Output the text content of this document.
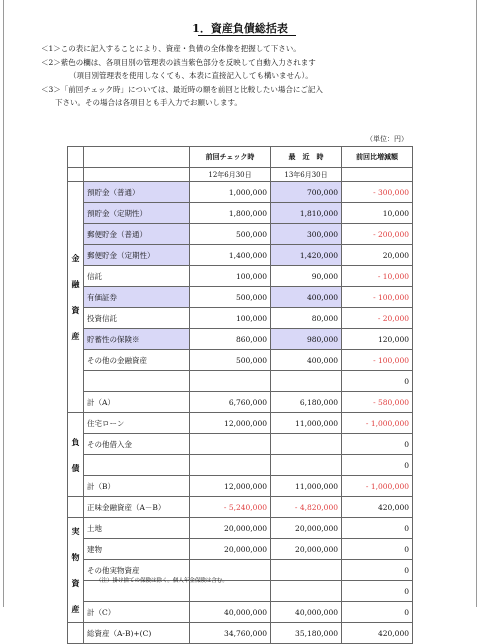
1．資産負債総括表
＜1＞この表に記入することにより、資産・負債の全体像を把握して下さい。
＜2＞紫色の欄は、各項目別の管理表の該当紫色部分を反映して自動入力されます
（項目別管理表を使用しなくても、本表に直接記入しても構いません）。
＜3＞「前回チェック時」については、最近時の額を前回と比較したい場合にご記入
下さい。その場合は各項目とも手入力でお願いします。
（単位：円）
		前回チェック時	最　近　時	前回比増減額
		12年6月30日	13年6月30日	

金
融
資
産	預貯金（普通）	1,000,000	700,000	- 300,000
	預貯金（定期性）	1,800,000	1,810,000	10,000
	郵便貯金（普通）	500,000	300,000	- 200,000
	郵便貯金（定期性）	1,400,000	1,420,000	20,000
	信託	100,000	90,000	- 10,000
	有価証券	500,000	400,000	- 100,000
	投資信託	100,000	80,000	- 20,000
	貯蓄性の保険※	860,000	980,000	120,000
	その他の金融資産	500,000	400,000	- 100,000
				0
	計（A）	6,760,000	6,180,000	- 580,000

負
債	住宅ローン	12,000,000	11,000,000	- 1,000,000
	その他借入金			0
				0
	計（B）	12,000,000	11,000,000	- 1,000,000
	正味金融資産（A－B）	- 5,240,000	- 4,820,000	420,000

実
物
資
産	土地	20,000,000	20,000,000	0
	建物	20,000,000	20,000,000	0
	その他実物資産			0
				0
	計（C）	40,000,000	40,000,000	0
	総資産（A-B)+(C)	34,760,000	35,180,000	420,000
（注）掛け捨ての保険は除く。個人年金保険は含む。
